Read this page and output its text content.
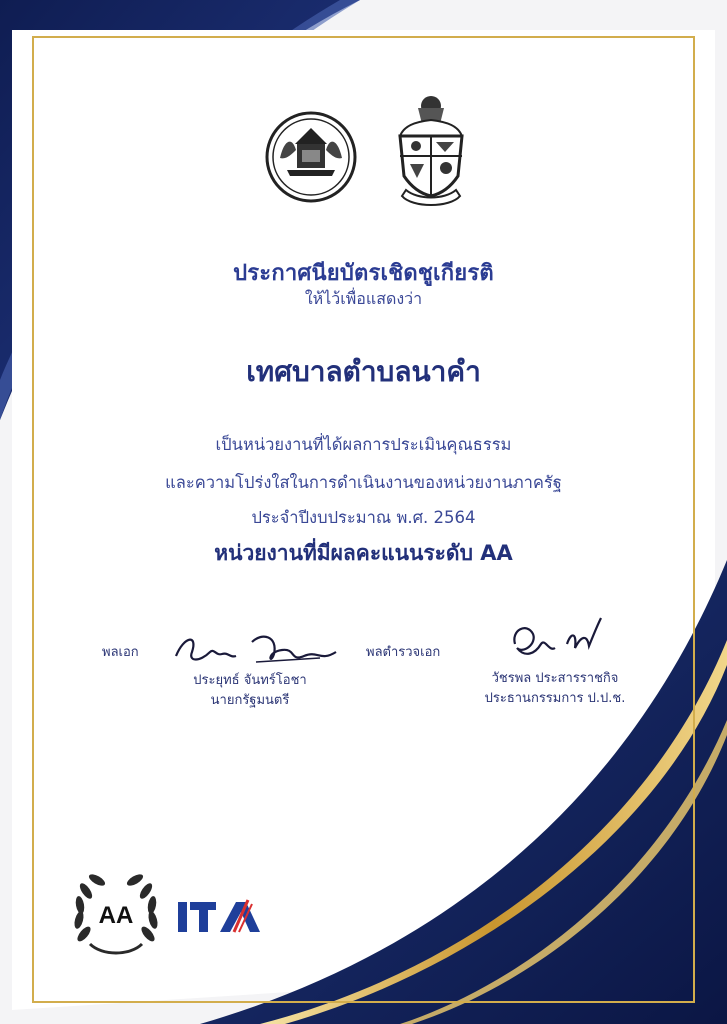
ประกาศนียบัตรเชิดชูเกียรติ

ให้ไว้เพื่อแสดงว่า

เทศบาลตำบลนาคำ

เป็นหน่วยงานที่ได้ผลการประเมินคุณธรรม

และความโปร่งใสในการดำเนินงานของหน่วยงานภาครัฐ

ประจำปีงบประมาณ พ.ศ. 2564

หน่วยงานที่มีผลคะแนนระดับ AA

พลเอก
ประยุทธ์ จันทร์โอชา
นายกรัฐมนตรี
พลตำรวจเอก
วัชรพล ประสารราชกิจ
ประธานกรรมการ ป.ป.ช.
AA
